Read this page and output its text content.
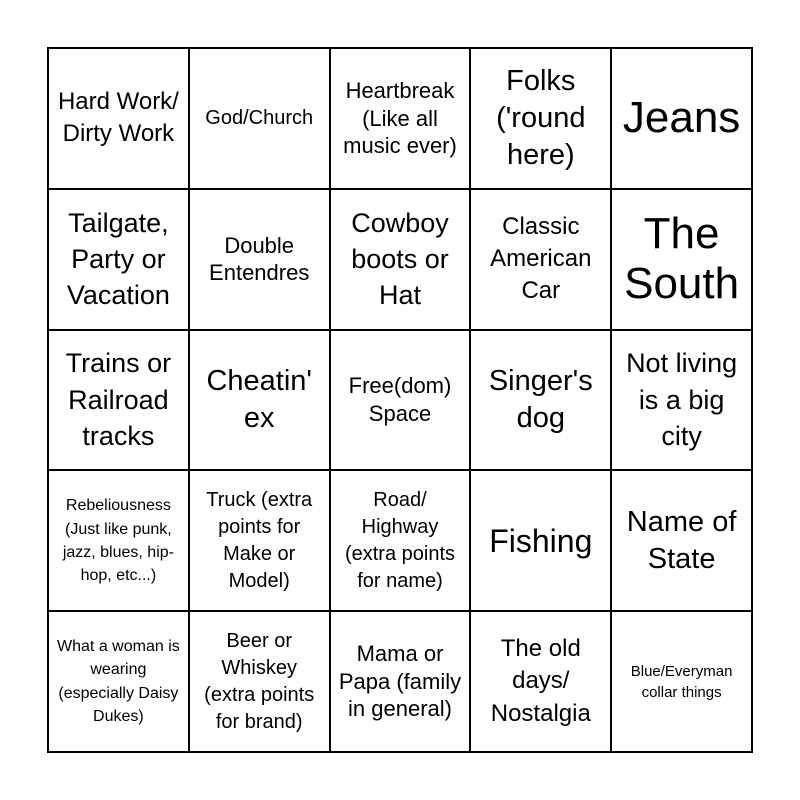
Hard Work/ Dirty Work
God/Church
Heartbreak (Like all music ever)
Folks ('round here)
Jeans
Tailgate, Party or Vacation
Double Entendres
Cowboy boots or Hat
Classic American Car
The South
Trains or Railroad tracks
Cheatin' ex
Free(dom) Space
Singer's dog
Not living is a big city
Rebeliousness (Just like punk, jazz, blues, hip-hop, etc...)
Truck (extra points for Make or Model)
Road/ Highway (extra points for name)
Fishing
Name of State
What a woman is wearing (especially Daisy Dukes)
Beer or Whiskey (extra points for brand)
Mama or Papa (family in general)
The old days/ Nostalgia
Blue/Everyman collar things
